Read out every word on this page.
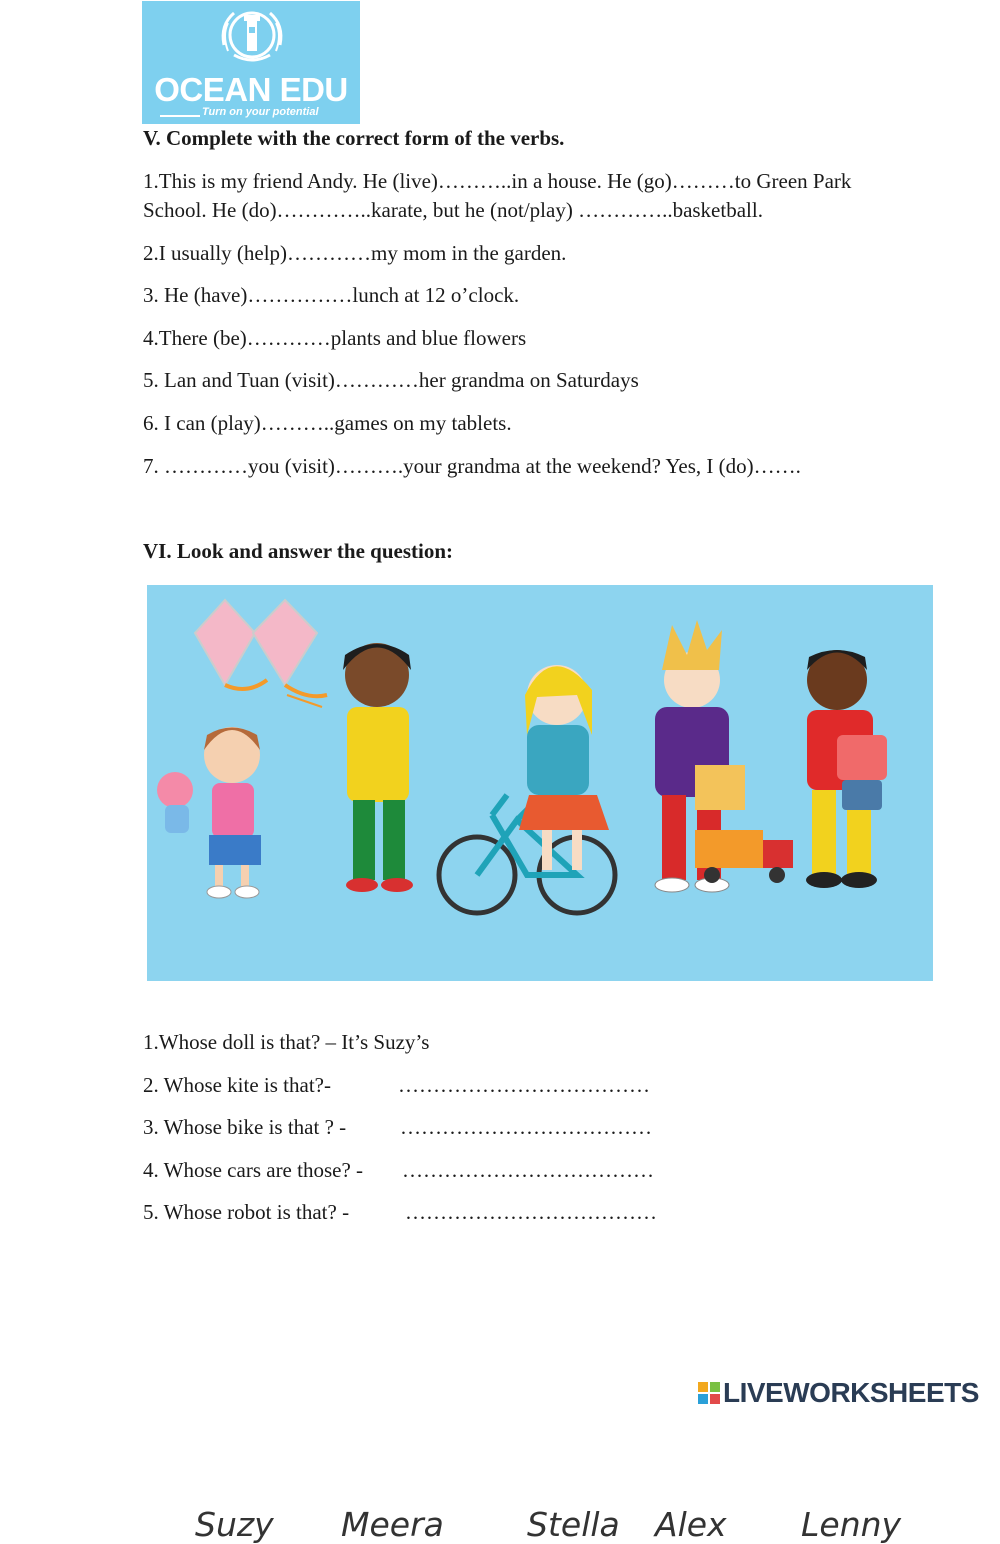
OCEAN EDU
Turn on your potential
V. Complete with the correct form of the verbs.

1.This is my friend Andy. He (live)………..in a house. He (go)………to Green Park

School. He (do)…………..karate, but he (not/play) …………..basketball.

2.I usually (help)…………my mom in the garden.

3. He (have)……………lunch at 12 o’clock.

4.There (be)…………plants and blue flowers

5. Lan and Tuan (visit)…………her grandma on Saturdays

6. I can (play)………..games on my tablets.

7. …………you (visit)……….your grandma at the weekend? Yes, I (do)…….

VI. Look and answer the question:
Suzy Meera	Stella Alex Lenny

1.Whose doll is that? – It’s Suzy’s

2. Whose kite is that?-	………………………………

3. Whose bike is that ? -	………………………………

4. Whose cars are those? - ………………………………

5. Whose robot is that? -	………………………………

LIVEWORKSHEETS
